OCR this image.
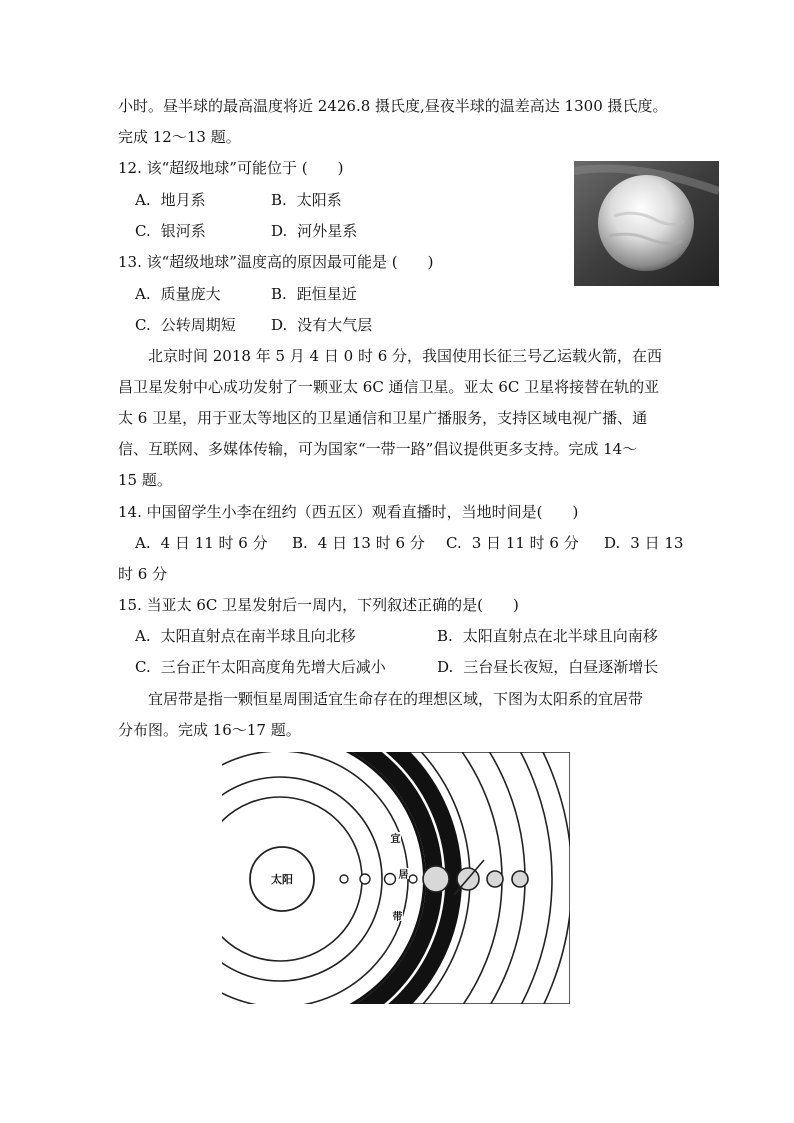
小时。昼半球的最高温度将近 2426.8 摄氏度,昼夜半球的温差高达 1300 摄氏度。
完成 12～13 题。
12. 该“超级地球”可能位于 (　　)
A. 地月系	B. 太阳系
C. 银河系	D. 河外星系
13. 该“超级地球”温度高的原因最可能是 (　　)
A. 质量庞大	B. 距恒星近
C. 公转周期短 D. 没有大气层
　　北京时间 2018 年 5 月 4 日 0 时 6 分，我国使用长征三号乙运载火箭，在西
昌卫星发射中心成功发射了一颗亚太 6C 通信卫星。亚太 6C 卫星将接替在轨的亚
太 6 卫星，用于亚太等地区的卫星通信和卫星广播服务，支持区域电视广播、通
信、互联网、多媒体传输，可为国家“一带一路”倡议提供更多支持。完成 14～
15 题。
14. 中国留学生小李在纽约（西五区）观看直播时，当地时间是(　　)
A. 4 日 11 时 6 分 B. 4 日 13 时 6 分 C. 3 日 11 时 6 分 D. 3 日 13
时 6 分
15. 当亚太 6C 卫星发射后一周内，下列叙述正确的是(　　)
A. 太阳直射点在南半球且向北移	B. 太阳直射点在北半球且向南移
C. 三台正午太阳高度角先增大后减小	D. 三台昼长夜短，白昼逐渐增长
　　宜居带是指一颗恒星周围适宜生命存在的理想区域，下图为太阳系的宜居带
分布图。完成 16～17 题。
太阳
宜
居
带
